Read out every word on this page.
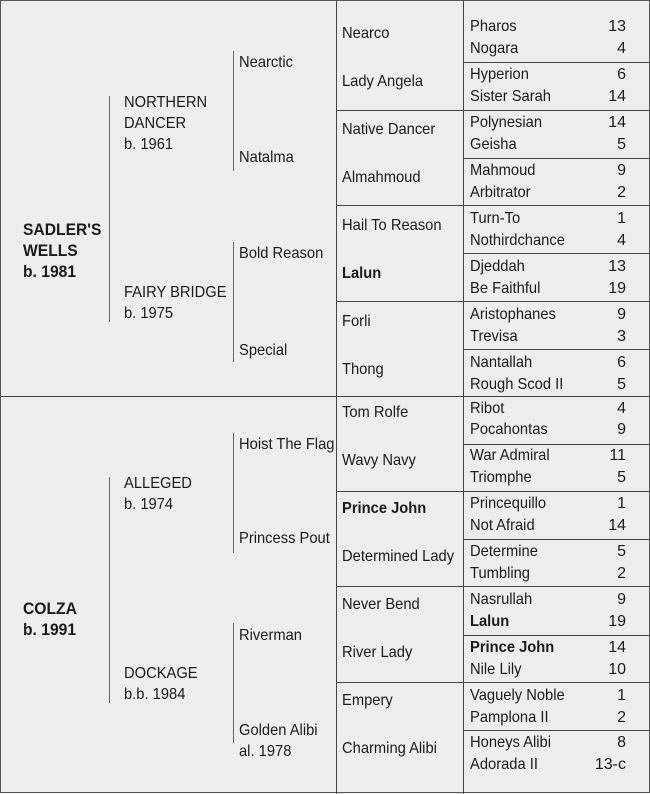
SADLER'S
WELLS
b. 1981
COLZA
b. 1991
NORTHERN
DANCER
b. 1961
FAIRY BRIDGE
b. 1975
ALLEGED
b. 1974
DOCKAGE
b.b. 1984
Nearctic
Natalma
Bold Reason
Special
Hoist The Flag
Princess Pout
Riverman
Golden Alibi
al. 1978
Nearco
Lady Angela
Native Dancer
Almahmoud
Hail To Reason
Lalun
Forli
Thong
Tom Rolfe
Wavy Navy
Prince John
Determined Lady
Never Bend
River Lady
Empery
Charming Alibi
Pharos
Nogara
Hyperion
Sister Sarah
Polynesian
Geisha
Mahmoud
Arbitrator
Turn-To
Nothirdchance
Djeddah
Be Faithful
Aristophanes
Trevisa
Nantallah
Rough Scod II
Ribot
Pocahontas
War Admiral
Triomphe
Princequillo
Not Afraid
Determine
Tumbling
Nasrullah
Lalun
Prince John
Nile Lily
Vaguely Noble
Pamplona II
Honeys Alibi
Adorada II
13
4
6
14
14
5
9
2
1
4
13
19
9
3
6
5
4
9
11
5
1
14
5
2
9
19
14
10
1
2
8
13-c
